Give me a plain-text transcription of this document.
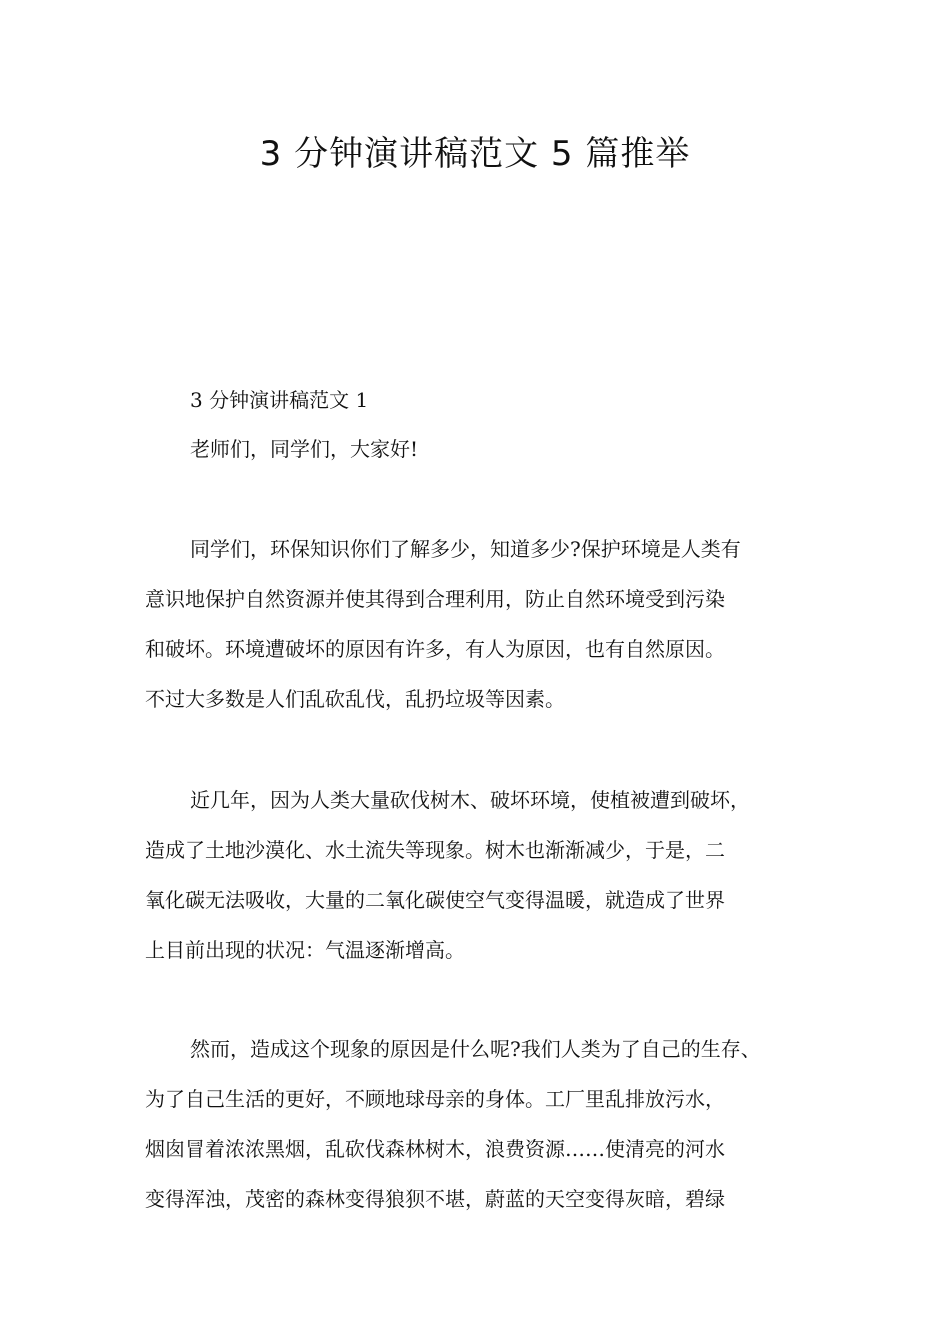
3 分钟演讲稿范文 5 篇推举
3 分钟演讲稿范文 1

老师们，同学们，大家好!

同学们，环保知识你们了解多少，知道多少?保护环境是人类有
意识地保护自然资源并使其得到合理利用，防止自然环境受到污染
和破坏。环境遭破坏的原因有许多，有人为原因，也有自然原因。
不过大多数是人们乱砍乱伐，乱扔垃圾等因素。

近几年，因为人类大量砍伐树木、破坏环境，使植被遭到破坏，
造成了土地沙漠化、水土流失等现象。树木也渐渐减少，于是，二
氧化碳无法吸收，大量的二氧化碳使空气变得温暖，就造成了世界
上目前出现的状况：气温逐渐增高。

然而，造成这个现象的原因是什么呢?我们人类为了自己的生存、
为了自己生活的更好，不顾地球母亲的身体。工厂里乱排放污水，
烟囱冒着浓浓黑烟，乱砍伐森林树木，浪费资源……使清亮的河水
变得浑浊，茂密的森林变得狼狈不堪，蔚蓝的天空变得灰暗，碧绿
